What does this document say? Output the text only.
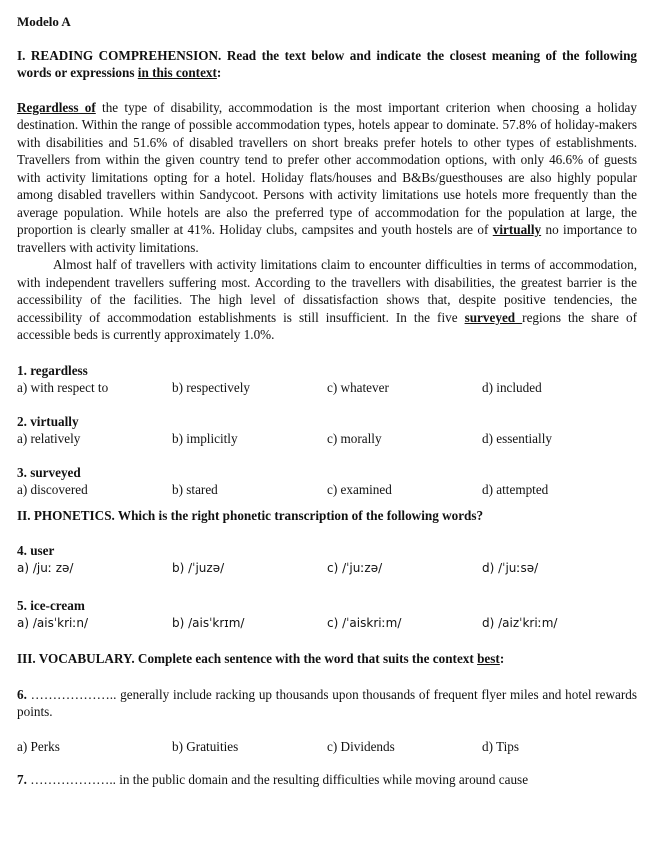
Modelo A
I. READING COMPREHENSION. Read the text below and indicate the closest meaning of the following words or expressions in this context:

Regardless of the type of disability, accommodation is the most important criterion when choosing a holiday destination. Within the range of possible accommodation types, hotels appear to dominate. 57.8% of holiday-makers with disabilities and 51.6% of disabled travellers on short breaks prefer hotels to other types of establishments. Travellers from within the given country tend to prefer other accommodation options, with only 46.6% of guests with activity limitations opting for a hotel. Holiday flats/houses and B&Bs/guesthouses are also highly popular among disabled travellers within Sandycoot. Persons with activity limitations use hotels more frequently than the average population. While hotels are also the preferred type of accommodation for the population at large, the proportion is clearly smaller at 41%. Holiday clubs, campsites and youth hostels are of virtually no importance to travellers with activity limitations.

Almost half of travellers with activity limitations claim to encounter difficulties in terms of accommodation, with independent travellers suffering most. According to the travellers with disabilities, the greatest barrier is the accessibility of the facilities. The high level of dissatisfaction shows that, despite positive tendencies, the accessibility of accommodation establishments is still insufficient. In the five surveyed regions the share of accessible beds is currently approximately 1.0%.

1. regardless
a) with respect to	b) respectively	c) whatever	d) included
2. virtually
a) relatively	b) implicitly	c) morally	d) essentially
3. surveyed
a) discovered	b) stared	c) examined	d) attempted
II. PHONETICS. Which is the right phonetic transcription of the following words?
4. user
a) /juː zə/	b) /ˈjuzə/	c) /ˈjuːzə/	d) /ˈjuːsə/
5. ice-cream
a) /aisˈkriːn/	b) /aisˈkrɪm/	c) /ˈaiskriːm/	d) /aizˈkriːm/
III. VOCABULARY. Complete each sentence with the word that suits the context best:

6. ……………….. generally include racking up thousands upon thousands of frequent flyer miles and hotel rewards points.

a) Perks	b) Gratuities	c) Dividends	d) Tips

7. ……………….. in the public domain and the resulting difficulties while moving around cause
